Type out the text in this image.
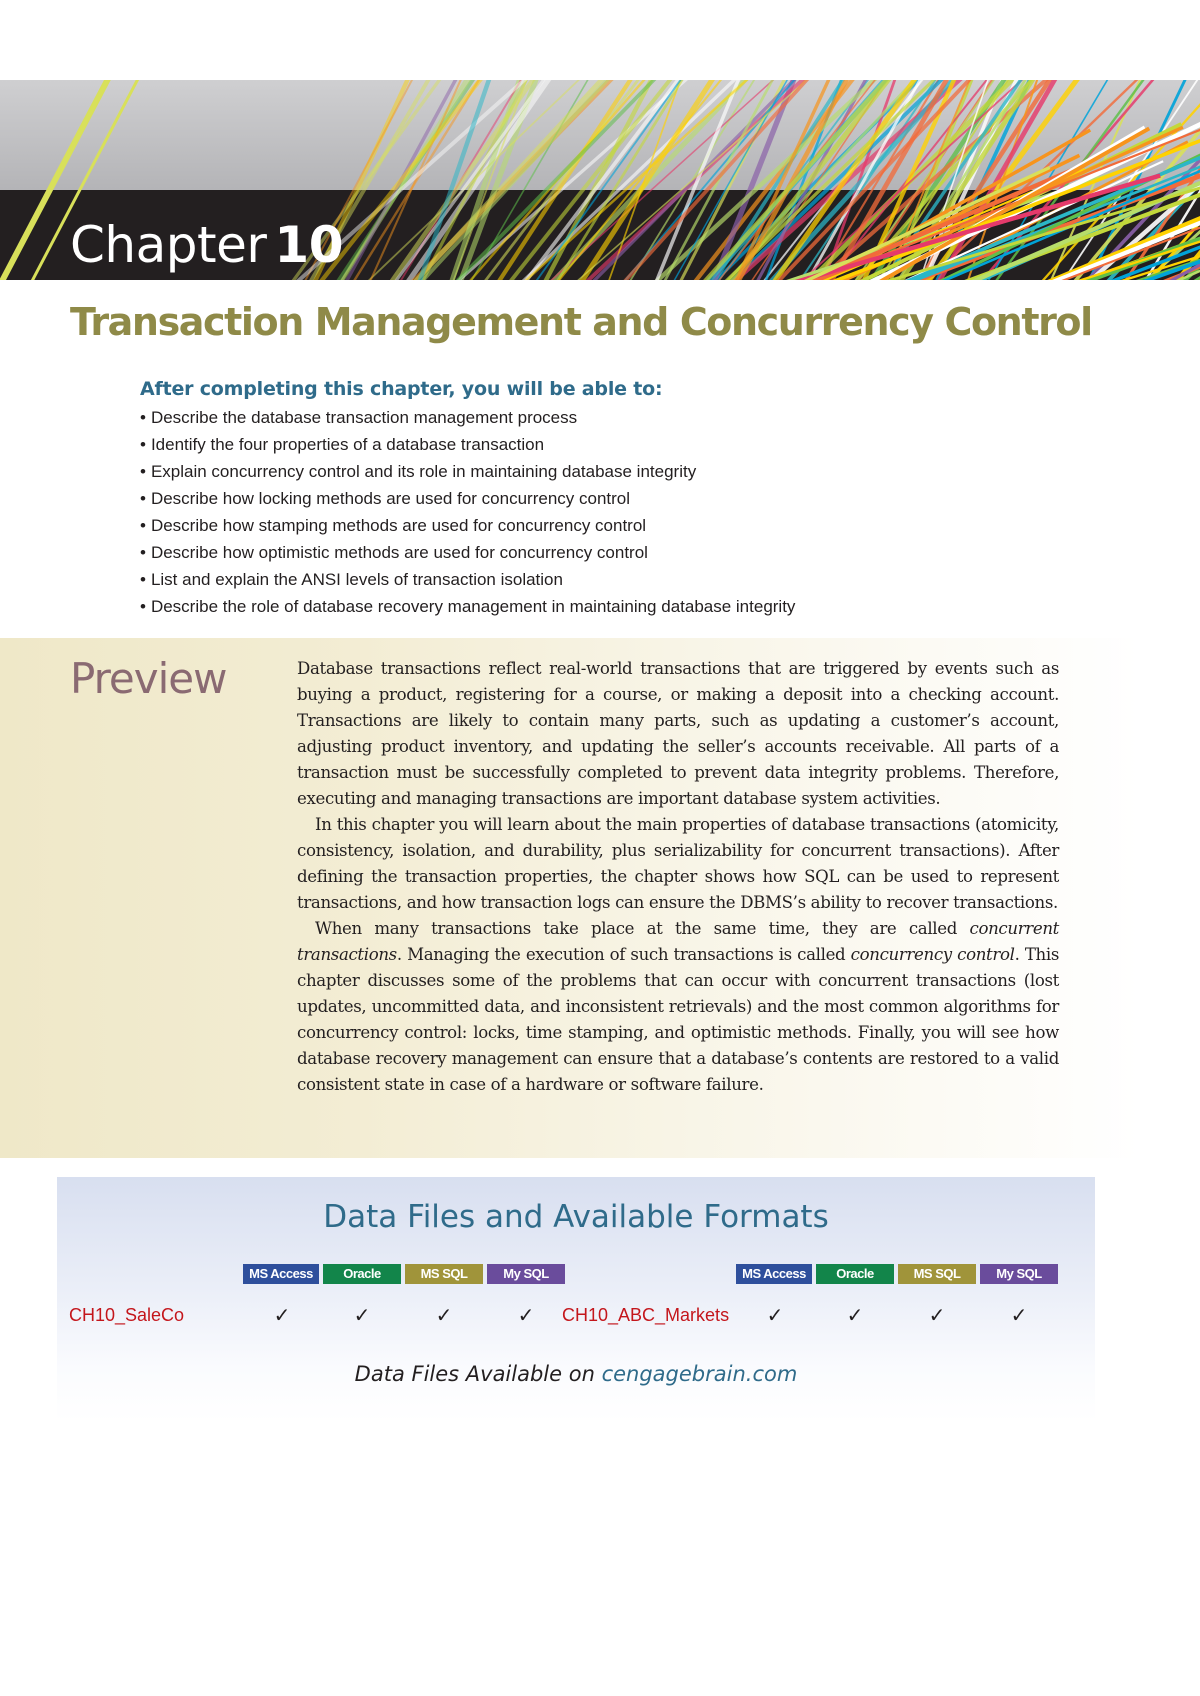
Chapter 10
Transaction Management and Concurrency Control

After completing this chapter, you will be able to:

• Describe the database transaction management process
• Identify the four properties of a database transaction
• Explain concurrency control and its role in maintaining database integrity
• Describe how locking methods are used for concurrency control
• Describe how stamping methods are used for concurrency control
• Describe how optimistic methods are used for concurrency control
• List and explain the ANSI levels of transaction isolation
• Describe the role of database recovery management in maintaining database integrity
Preview	Database transactions reflect real-world transactions that are triggered by events such as buying a product, registering for a course, or making a deposit into a checking account. Transactions are likely to contain many parts, such as updating a customer’s account, adjusting product inventory, and updating the seller’s accounts receivable. All parts of a transaction must be successfully completed to prevent data integrity problems. Therefore, executing and managing transactions are important database system activities.

In this chapter you will learn about the main properties of database transactions (atomicity, consistency, isolation, and durability, plus serializability for concurrent transactions). After defining the transaction properties, the chapter shows how SQL can be used to represent transactions, and how transaction logs can ensure the DBMS’s ability to recover transactions.

When many transactions take place at the same time, they are called concurrent transactions. Managing the execution of such transactions is called concurrency control. This chapter discusses some of the problems that can occur with concurrent transactions (lost updates, uncommitted data, and inconsistent retrievals) and the most common algorithms for concurrency control: locks, time stamping, and optimistic methods. Finally, you will see how database recovery management can ensure that a database’s contents are restored to a valid consistent state in case of a hardware or software failure.

Data Files and Available Formats
MS Access	Oracle	MS SQL	My SQL	MS Access	Oracle	MS SQL	My SQL
CH10_SaleCo	✓	✓	✓	✓	CH10_ABC_Markets	✓	✓	✓	✓
Data Files Available on cengagebrain.com
